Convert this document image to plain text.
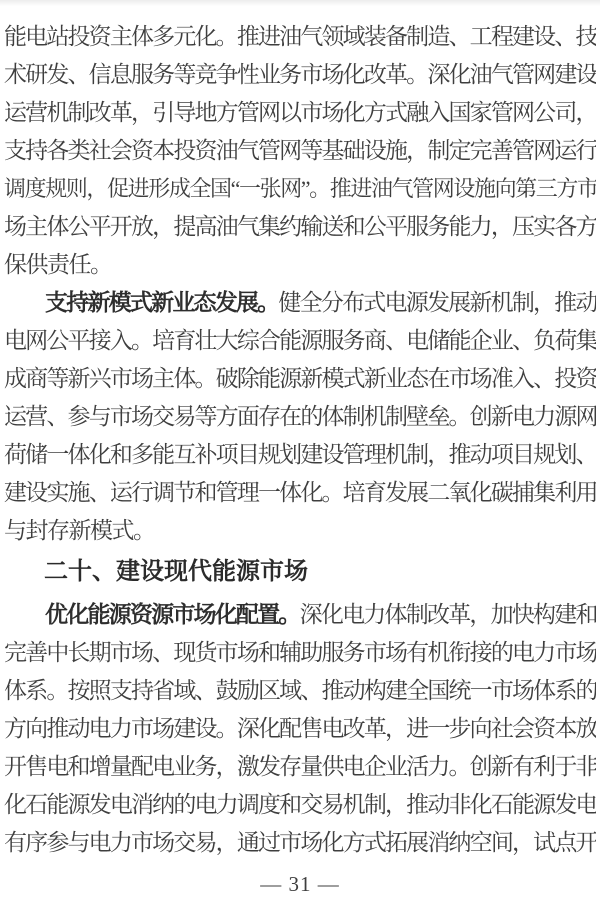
能电站投资主体多元化。推进油气领域装备制造、工程建设、技
术研发、信息服务等竞争性业务市场化改革。深化油气管网建设
运营机制改革，引导地方管网以市场化方式融入国家管网公司，
支持各类社会资本投资油气管网等基础设施，制定完善管网运行
调度规则，促进形成全国“一张网”。推进油气管网设施向第三方市
场主体公平开放，提高油气集约输送和公平服务能力，压实各方
保供责任。
支持新模式新业态发展。健全分布式电源发展新机制，推动
电网公平接入。培育壮大综合能源服务商、电储能企业、负荷集
成商等新兴市场主体。破除能源新模式新业态在市场准入、投资
运营、参与市场交易等方面存在的体制机制壁垒。创新电力源网
荷储一体化和多能互补项目规划建设管理机制，推动项目规划、
建设实施、运行调节和管理一体化。培育发展二氧化碳捕集利用
与封存新模式。
二十、建设现代能源市场
优化能源资源市场化配置。深化电力体制改革，加快构建和
完善中长期市场、现货市场和辅助服务市场有机衔接的电力市场
体系。按照支持省域、鼓励区域、推动构建全国统一市场体系的
方向推动电力市场建设。深化配售电改革，进一步向社会资本放
开售电和增量配电业务，激发存量供电企业活力。创新有利于非
化石能源发电消纳的电力调度和交易机制，推动非化石能源发电
有序参与电力市场交易，通过市场化方式拓展消纳空间，试点开
— 31 —
